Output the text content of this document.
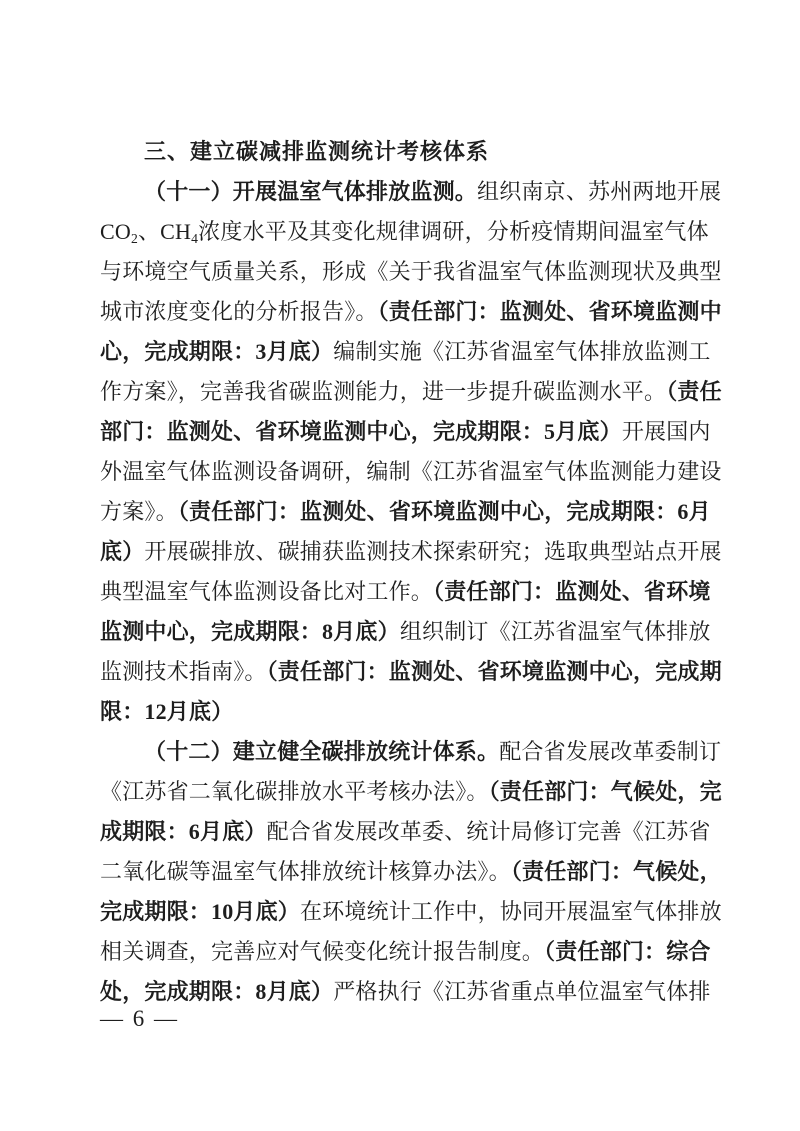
三、建立碳减排监测统计考核体系
（十一）开展温室气体排放监测。组织南京、苏州两地开展
CO2、CH4浓度水平及其变化规律调研，分析疫情期间温室气体
与环境空气质量关系，形成《关于我省温室气体监测现状及典型
城市浓度变化的分析报告》。（责任部门：监测处、省环境监测中
心，完成期限：3月底）编制实施《江苏省温室气体排放监测工
作方案》，完善我省碳监测能力，进一步提升碳监测水平。（责任
部门：监测处、省环境监测中心，完成期限：5月底）开展国内
外温室气体监测设备调研，编制《江苏省温室气体监测能力建设
方案》。（责任部门：监测处、省环境监测中心，完成期限：6月
底）开展碳排放、碳捕获监测技术探索研究；选取典型站点开展
典型温室气体监测设备比对工作。（责任部门：监测处、省环境
监测中心，完成期限：8月底）组织制订《江苏省温室气体排放
监测技术指南》。（责任部门：监测处、省环境监测中心，完成期
限：12月底）
（十二）建立健全碳排放统计体系。配合省发展改革委制订
《江苏省二氧化碳排放水平考核办法》。（责任部门：气候处，完
成期限：6月底）配合省发展改革委、统计局修订完善《江苏省
二氧化碳等温室气体排放统计核算办法》。（责任部门：气候处，
完成期限：10月底）在环境统计工作中，协同开展温室气体排放
相关调查，完善应对气候变化统计报告制度。（责任部门：综合
处，完成期限：8月底）严格执行《江苏省重点单位温室气体排
— 6 —
